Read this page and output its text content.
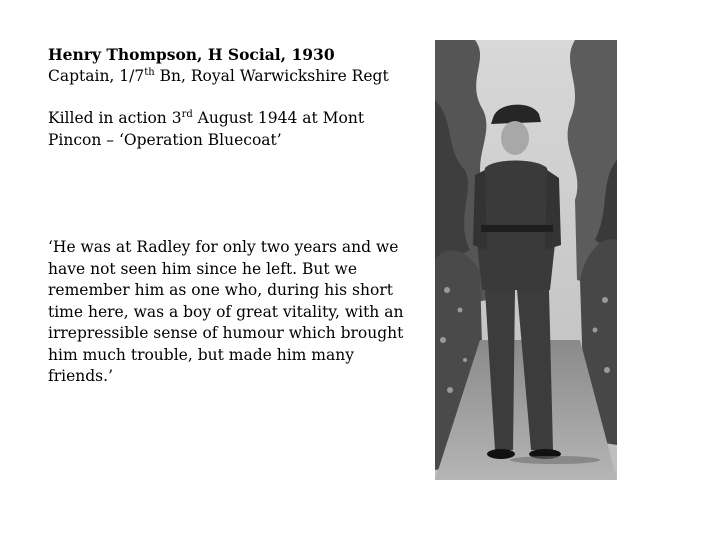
Henry Thompson, H Social, 1930
Captain, 1/7th Bn, Royal Warwickshire Regt
Killed in action 3rd August 1944 at Mont
Pincon – ‘Operation Bluecoat’
‘He was at Radley for only two years and we
have not seen him since he left. But we
remember him as one who, during his short
time here, was a boy of great vitality, with an
irrepressible sense of humour which brought
him much trouble, but made him many
friends.’
